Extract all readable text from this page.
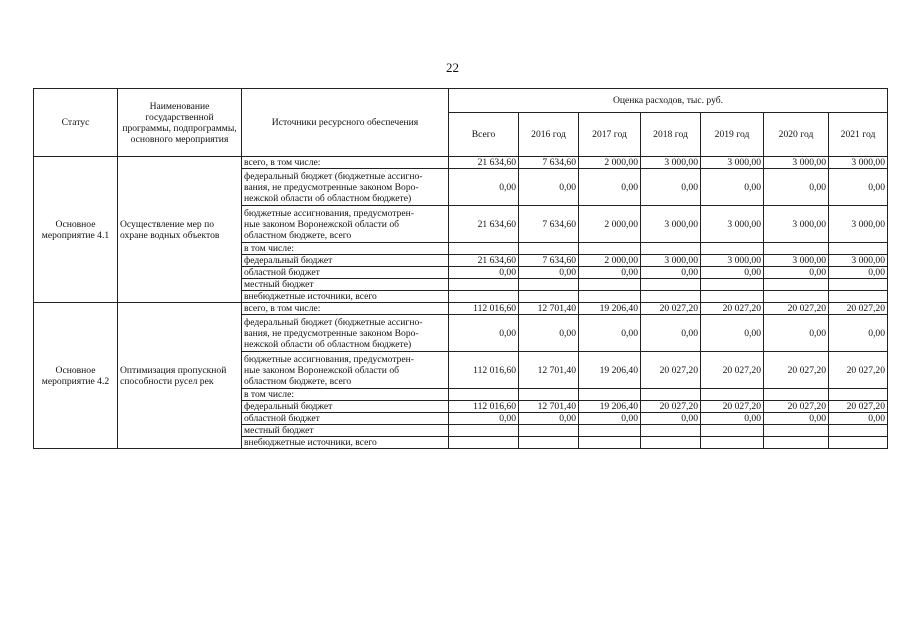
22
Статус	Наименование государственной программы, подпрограммы, основного мероприятия	Источники ресурсного обеспечения	Оценка расходов, тыс. руб.						
			Всего	2016 год	2017 год	2018 год	2019 год	2020 год	2021 год
Основное мероприятие 4.1	Осуществление мер по охране водных объектов	всего, в том числе:	21 634,60	7 634,60	2 000,00	3 000,00	3 000,00	3 000,00	3 000,00
		федеральный бюджет (бюджетные ассигно-
вания, не предусмотренные законом Воро-
нежской области об областном бюджете)	0,00	0,00	0,00	0,00	0,00	0,00	0,00
		бюджетные ассигнования, предусмотрен-
ные законом Воронежской области об
областном бюджете, всего	21 634,60	7 634,60	2 000,00	3 000,00	3 000,00	3 000,00	3 000,00
		в том числе:							
		федеральный бюджет	21 634,60	7 634,60	2 000,00	3 000,00	3 000,00	3 000,00	3 000,00
		областной бюджет	0,00	0,00	0,00	0,00	0,00	0,00	0,00
		местный бюджет							
		внебюджетные источники, всего							
Основное мероприятие 4.2	Оптимизация пропускной способности русел рек	всего, в том числе:	112 016,60	12 701,40	19 206,40	20 027,20	20 027,20	20 027,20	20 027,20
		федеральный бюджет (бюджетные ассигно-
вания, не предусмотренные законом Воро-
нежской области об областном бюджете)	0,00	0,00	0,00	0,00	0,00	0,00	0,00
		бюджетные ассигнования, предусмотрен-
ные законом Воронежской области об
областном бюджете, всего	112 016,60	12 701,40	19 206,40	20 027,20	20 027,20	20 027,20	20 027,20
		в том числе:							
		федеральный бюджет	112 016,60	12 701,40	19 206,40	20 027,20	20 027,20	20 027,20	20 027,20
		областной бюджет	0,00	0,00	0,00	0,00	0,00	0,00	0,00
		местный бюджет							
		внебюджетные источники, всего							
